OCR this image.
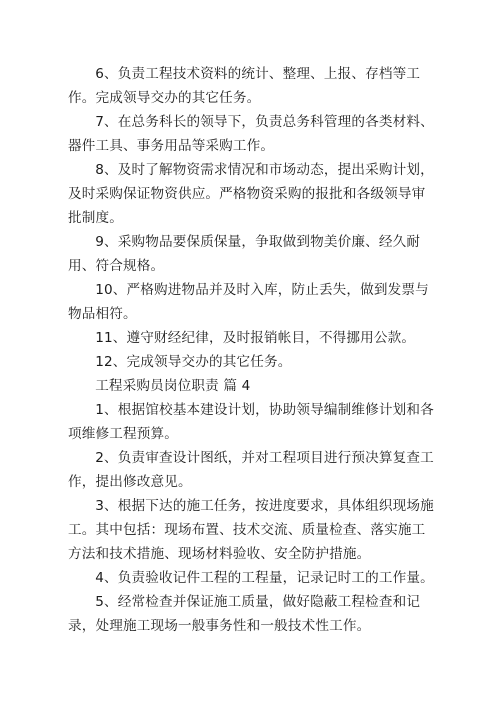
6、负责工程技术资料的统计、整理、上报、存档等工作。完成领导交办的其它任务。

7、在总务科长的领导下，负责总务科管理的各类材料、器件工具、事务用品等采购工作。

8、及时了解物资需求情况和市场动态，提出采购计划，及时采购保证物资供应。严格物资采购的报批和各级领导审批制度。

9、采购物品要保质保量，争取做到物美价廉、经久耐用、符合规格。

10、严格购进物品并及时入库，防止丢失，做到发票与物品相符。

11、遵守财经纪律，及时报销帐目，不得挪用公款。

12、完成领导交办的其它任务。

工程采购员岗位职责 篇 4

1、根据馆校基本建设计划，协助领导编制维修计划和各项维修工程预算。

2、负责审查设计图纸，并对工程项目进行预决算复查工作，提出修改意见。

3、根据下达的施工任务，按进度要求，具体组织现场施工。其中包括：现场布置、技术交流、质量检查、落实施工方法和技术措施、现场材料验收、安全防护措施。

4、负责验收记件工程的工程量，记录记时工的工作量。

5、经常检查并保证施工质量，做好隐蔽工程检查和记录，处理施工现场一般事务性和一般技术性工作。
